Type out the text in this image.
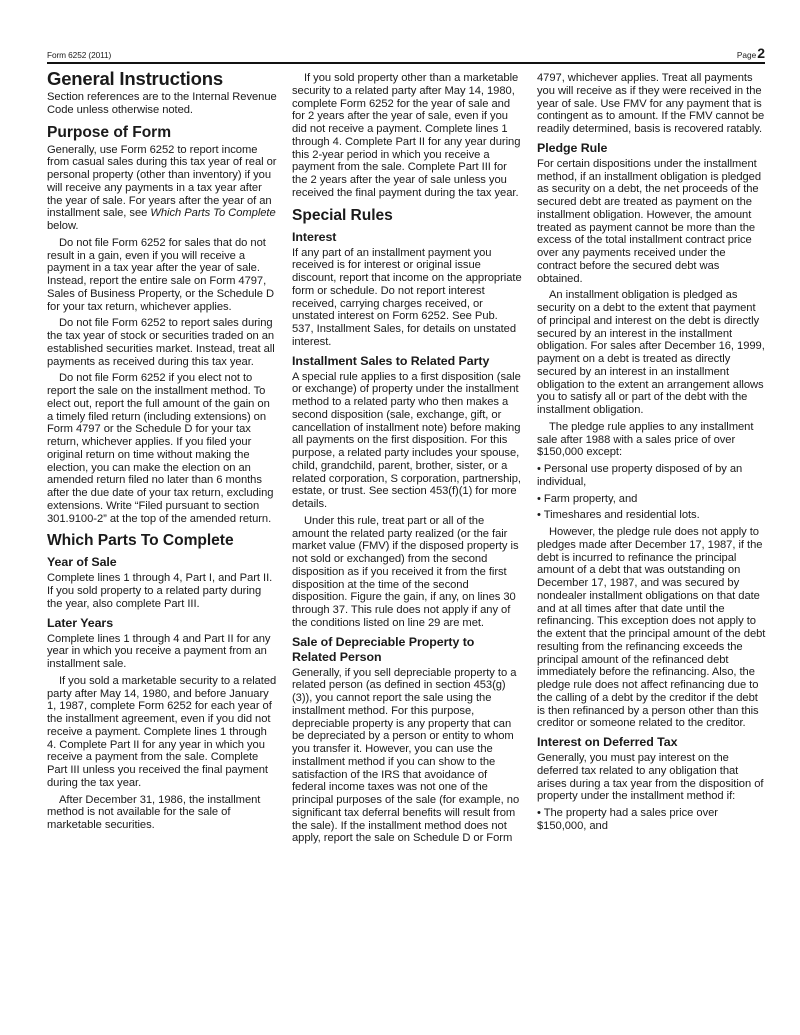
Form 6252 (2011)	Page2
General Instructions

Section references are to the Internal Revenue Code unless otherwise noted.

Purpose of Form

Generally, use Form 6252 to report income from casual sales during this tax year of real or personal property (other than inventory) if you will receive any payments in a tax year after the year of sale. For years after the year of an installment sale, see Which Parts To Complete below.

Do not file Form 6252 for sales that do not result in a gain, even if you will receive a payment in a tax year after the year of sale. Instead, report the entire sale on Form 4797, Sales of Business Property, or the Schedule D for your tax return, whichever applies.

Do not file Form 6252 to report sales during the tax year of stock or securities traded on an established securities market. Instead, treat all payments as received during this tax year.

Do not file Form 6252 if you elect not to report the sale on the installment method. To elect out, report the full amount of the gain on a timely filed return (including extensions) on Form 4797 or the Schedule D for your tax return, whichever applies. If you filed your original return on time without making the election, you can make the election on an amended return filed no later than 6 months after the due date of your tax return, excluding extensions. Write “Filed pursuant to section 301.9100-2” at the top of the amended return.

Which Parts To Complete
Year of Sale

Complete lines 1 through 4, Part I, and Part II. If you sold property to a related party during the year, also complete Part III.

Later Years

Complete lines 1 through 4 and Part II for any year in which you receive a payment from an installment sale.

If you sold a marketable security to a related party after May 14, 1980, and before January 1, 1987, complete Form 6252 for each year of the installment agreement, even if you did not receive a payment. Complete lines 1 through 4. Complete Part II for any year in which you receive a payment from the sale. Complete Part III unless you received the final payment during the tax year.

After December 31, 1986, the installment method is not available for the sale of marketable securities.

If you sold property other than a marketable security to a related party after May 14, 1980, complete Form 6252 for the year of sale and for 2 years after the year of sale, even if you did not receive a payment. Complete lines 1 through 4. Complete Part II for any year during this 2-year period in which you receive a payment from the sale. Complete Part III for the 2 years after the year of sale unless you received the final payment during the tax year.

Special Rules
Interest

If any part of an installment payment you received is for interest or original issue discount, report that income on the appropriate form or schedule. Do not report interest received, carrying charges received, or unstated interest on Form 6252. See Pub. 537, Installment Sales, for details on unstated interest.

Installment Sales to Related Party

A special rule applies to a first disposition (sale or exchange) of property under the installment method to a related party who then makes a second disposition (sale, exchange, gift, or cancellation of installment note) before making all payments on the first disposition. For this purpose, a related party includes your spouse, child, grandchild, parent, brother, sister, or a related corporation, S corporation, partnership, estate, or trust. See section 453(f)(1) for more details.

Under this rule, treat part or all of the amount the related party realized (or the fair market value (FMV) if the disposed property is not sold or exchanged) from the second disposition as if you received it from the first disposition at the time of the second disposition. Figure the gain, if any, on lines 30 through 37. This rule does not apply if any of the conditions listed on line 29 are met.

Sale of Depreciable Property to Related Person

Generally, if you sell depreciable property to a related person (as defined in section 453(g)(3)), you cannot report the sale using the installment method. For this purpose, depreciable property is any property that can be depreciated by a person or entity to whom you transfer it. However, you can use the installment method if you can show to the satisfaction of the IRS that avoidance of federal income taxes was not one of the principal purposes of the sale (for example, no significant tax deferral benefits will result from the sale). If the installment method does not apply, report the sale on Schedule D or Form

4797, whichever applies. Treat all payments you will receive as if they were received in the year of sale. Use FMV for any payment that is contingent as to amount. If the FMV cannot be readily determined, basis is recovered ratably.

Pledge Rule

For certain dispositions under the installment method, if an installment obligation is pledged as security on a debt, the net proceeds of the secured debt are treated as payment on the installment obligation. However, the amount treated as payment cannot be more than the excess of the total installment contract price over any payments received under the contract before the secured debt was obtained.

An installment obligation is pledged as security on a debt to the extent that payment of principal and interest on the debt is directly secured by an interest in the installment obligation. For sales after December 16, 1999, payment on a debt is treated as directly secured by an interest in an installment obligation to the extent an arrangement allows you to satisfy all or part of the debt with the installment obligation.

The pledge rule applies to any installment sale after 1988 with a sales price of over $150,000 except:

• Personal use property disposed of by an individual,

• Farm property, and

• Timeshares and residential lots.

However, the pledge rule does not apply to pledges made after December 17, 1987, if the debt is incurred to refinance the principal amount of a debt that was outstanding on December 17, 1987, and was secured by nondealer installment obligations on that date and at all times after that date until the refinancing. This exception does not apply to the extent that the principal amount of the debt resulting from the refinancing exceeds the principal amount of the refinanced debt immediately before the refinancing. Also, the pledge rule does not affect refinancing due to the calling of a debt by the creditor if the debt is then refinanced by a person other than this creditor or someone related to the creditor.

Interest on Deferred Tax

Generally, you must pay interest on the deferred tax related to any obligation that arises during a tax year from the disposition of property under the installment method if:

• The property had a sales price over $150,000, and
